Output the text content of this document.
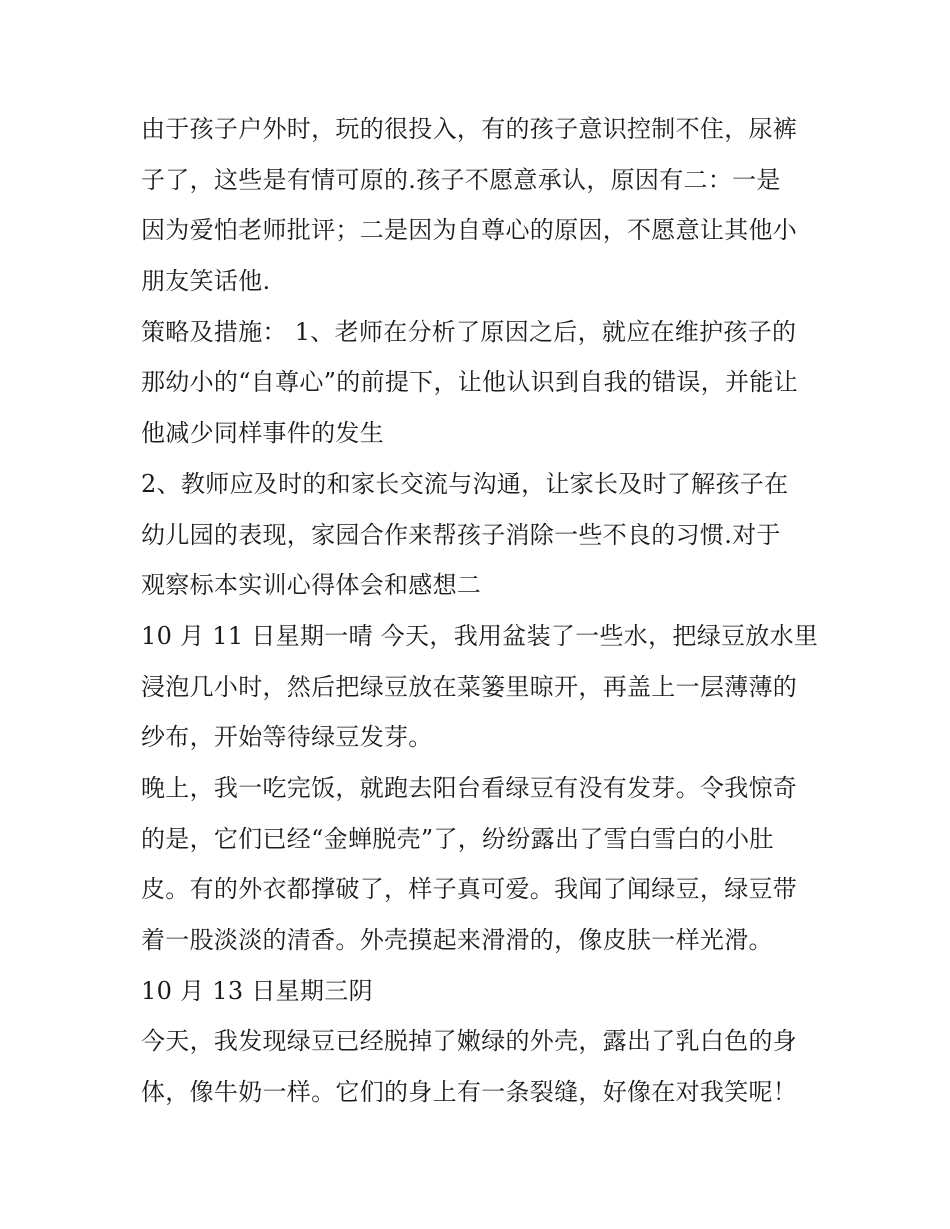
由于孩子户外时，玩的很投入，有的孩子意识控制不住，尿裤
子了，这些是有情可原的.孩子不愿意承认，原因有二：一是
因为爱怕老师批评；二是因为自尊心的原因，不愿意让其他小
朋友笑话他.
策略及措施： 1、老师在分析了原因之后，就应在维护孩子的
那幼小的“自尊心”的前提下，让他认识到自我的错误，并能让
他减少同样事件的发生
2、教师应及时的和家长交流与沟通，让家长及时了解孩子在
幼儿园的表现，家园合作来帮孩子消除一些不良的习惯.对于
观察标本实训心得体会和感想二
10 月 11 日星期一晴 今天，我用盆装了一些水，把绿豆放水里
浸泡几小时，然后把绿豆放在菜篓里晾开，再盖上一层薄薄的
纱布，开始等待绿豆发芽。
晚上，我一吃完饭，就跑去阳台看绿豆有没有发芽。令我惊奇
的是，它们已经“金蝉脱壳”了，纷纷露出了雪白雪白的小肚
皮。有的外衣都撑破了，样子真可爱。我闻了闻绿豆，绿豆带
着一股淡淡的清香。外壳摸起来滑滑的，像皮肤一样光滑。
10 月 13 日星期三阴
今天，我发现绿豆已经脱掉了嫩绿的外壳，露出了乳白色的身
体，像牛奶一样。它们的身上有一条裂缝，好像在对我笑呢！
